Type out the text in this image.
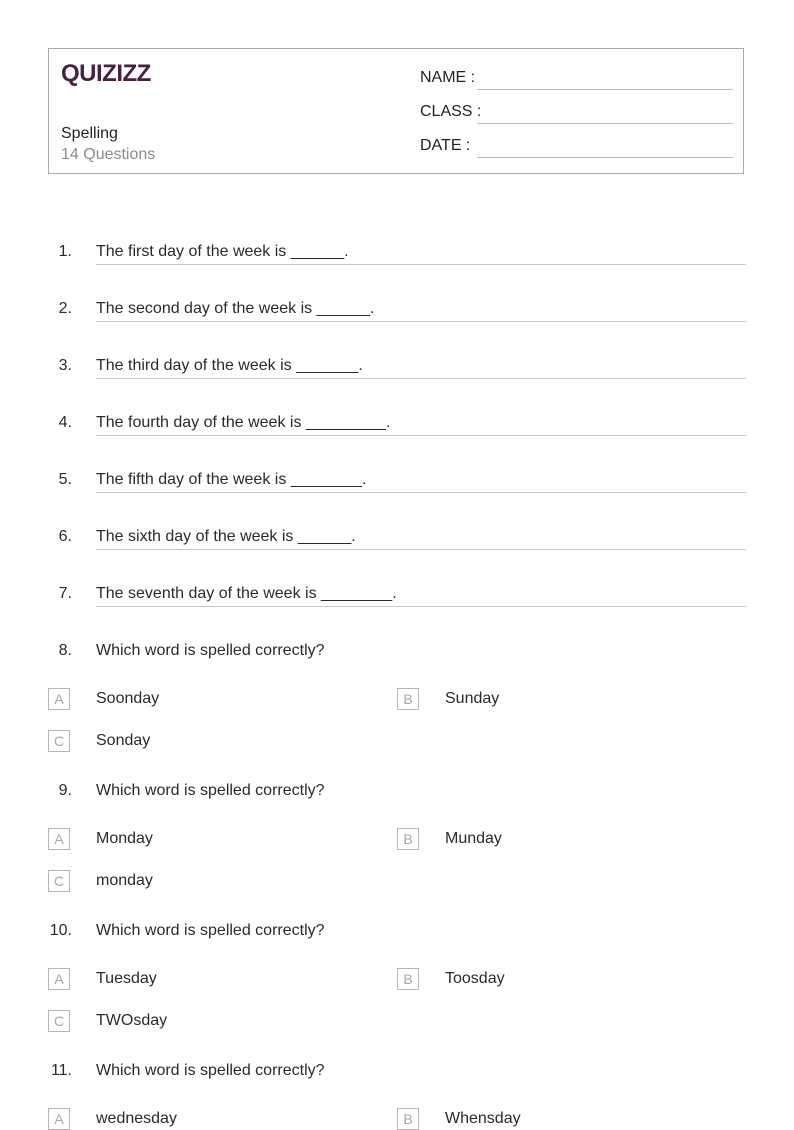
QUIZIZZ
Spelling
14 Questions
NAME :
CLASS :
DATE :
1. The first day of the week is ______.
2. The second day of the week is ______.
3. The third day of the week is _______.
4. The fourth day of the week is _________.
5. The fifth day of the week is ________.
6. The sixth day of the week is ______.
7. The seventh day of the week is ________.
8. Which word is spelled correctly?
A	Soonday	B	Sunday
C	Sonday
9. Which word is spelled correctly?
A	Monday	B	Munday
C	monday
10. Which word is spelled correctly?
A	Tuesday	B	Toosday
C	TWOsday
11. Which word is spelled correctly?
A	wednesday	B	Whensday
